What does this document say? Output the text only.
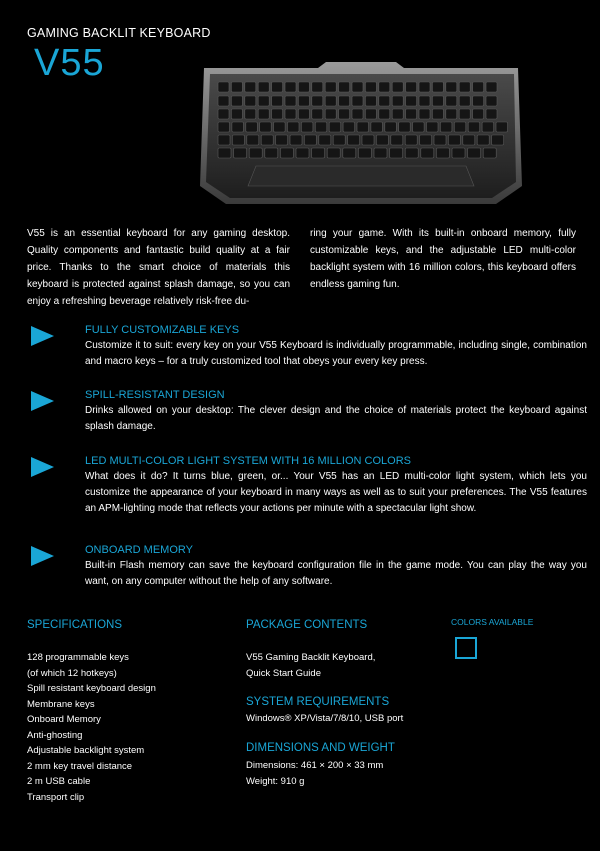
GAMING BACKLIT KEYBOARD
V55
V55 is an essential keyboard for any gaming desktop. Quality components and fantastic build quality at a fair price. Thanks to the smart choice of materials this keyboard is protected against splash damage, so you can enjoy a refreshing beverage relatively risk-free du-
ring your game. With its built-in onboard memory, fully customizable keys, and the adjustable LED multi-color backlight system with 16 million colors, this keyboard offers endless gaming fun.
FULLY CUSTOMIZABLE KEYS
Customize it to suit: every key on your V55 Keyboard is individually programmable, including single, combination and macro keys – for a truly customized tool that obeys your every key press.
SPILL-RESISTANT DESIGN
Drinks allowed on your desktop: The clever design and the choice of materials protect the keyboard against splash damage.
LED MULTI-COLOR LIGHT SYSTEM WITH 16 MILLION COLORS
What does it do? It turns blue, green, or... Your V55 has an LED multi-color light system, which lets you customize the appearance of your keyboard in many ways as well as to suit your preferences. The V55 features an APM-lighting mode that reflects your actions per minute with a spectacular light show.
ONBOARD MEMORY
Built-in Flash memory can save the keyboard configuration file in the game mode. You can play the way you want, on any computer without the help of any software.
SPECIFICATIONS
128 programmable keys
(of which 12 hotkeys)
Spill resistant keyboard design
Membrane keys
Onboard Memory
Anti-ghosting
Adjustable backlight system
2 mm key travel distance
2 m USB cable
Transport clip
PACKAGE CONTENTS
V55 Gaming Backlit Keyboard,
Quick Start Guide
SYSTEM REQUIREMENTS
Windows® XP/Vista/7/8/10, USB port
DIMENSIONS AND WEIGHT
Dimensions: 461 × 200 × 33 mm
Weight: 910 g
COLORS AVAILABLE
